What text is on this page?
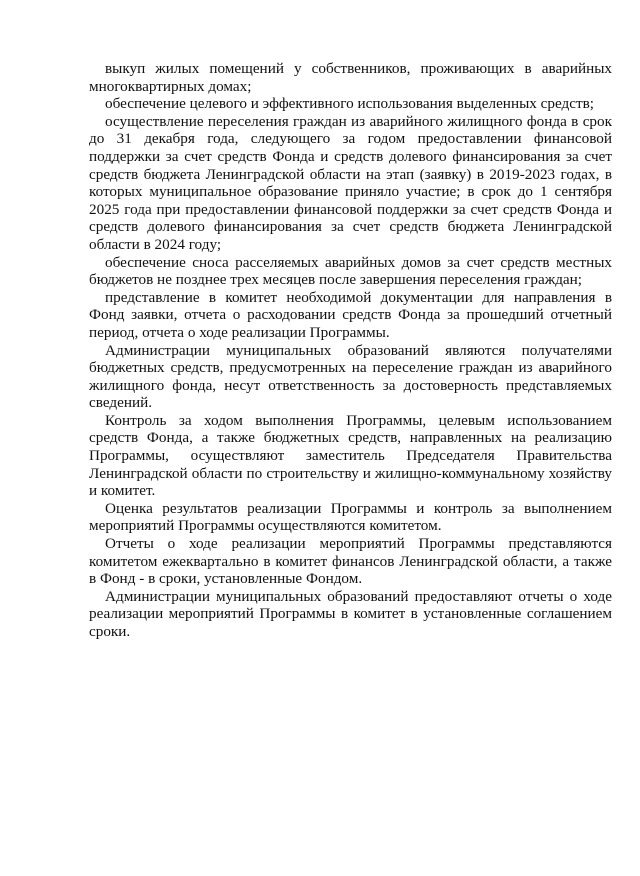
выкуп жилых помещений у собственников, проживающих в аварийных многоквартирных домах;

обеспечение целевого и эффективного использования выделенных средств;

осуществление переселения граждан из аварийного жилищного фонда в срок до 31 декабря года, следующего за годом предоставлении финансовой поддержки за счет средств Фонда и средств долевого финансирования за счет средств бюджета Ленинградской области на этап (заявку) в 2019-2023 годах, в которых муниципальное образование приняло участие; в срок до 1 сентября 2025 года при предоставлении финансовой поддержки за счет средств Фонда и средств долевого финансирования за счет средств бюджета Ленинградской области в 2024 году;

обеспечение сноса расселяемых аварийных домов за счет средств местных бюджетов не позднее трех месяцев после завершения переселения граждан;

представление в комитет необходимой документации для направления в Фонд заявки, отчета о расходовании средств Фонда за прошедший отчетный период, отчета о ходе реализации Программы.

Администрации муниципальных образований являются получателями бюджетных средств, предусмотренных на переселение граждан из аварийного жилищного фонда, несут ответственность за достоверность представляемых сведений.

Контроль за ходом выполнения Программы, целевым использованием средств Фонда, а также бюджетных средств, направленных на реализацию Программы, осуществляют заместитель Председателя Правительства Ленинградской области по строительству и жилищно-коммунальному хозяйству и комитет.

Оценка результатов реализации Программы и контроль за выполнением мероприятий Программы осуществляются комитетом.

Отчеты о ходе реализации мероприятий Программы представляются комитетом ежеквартально в комитет финансов Ленинградской области, а также в Фонд - в сроки, установленные Фондом.

Администрации муниципальных образований предоставляют отчеты о ходе реализации мероприятий Программы в комитет в установленные соглашением сроки.
